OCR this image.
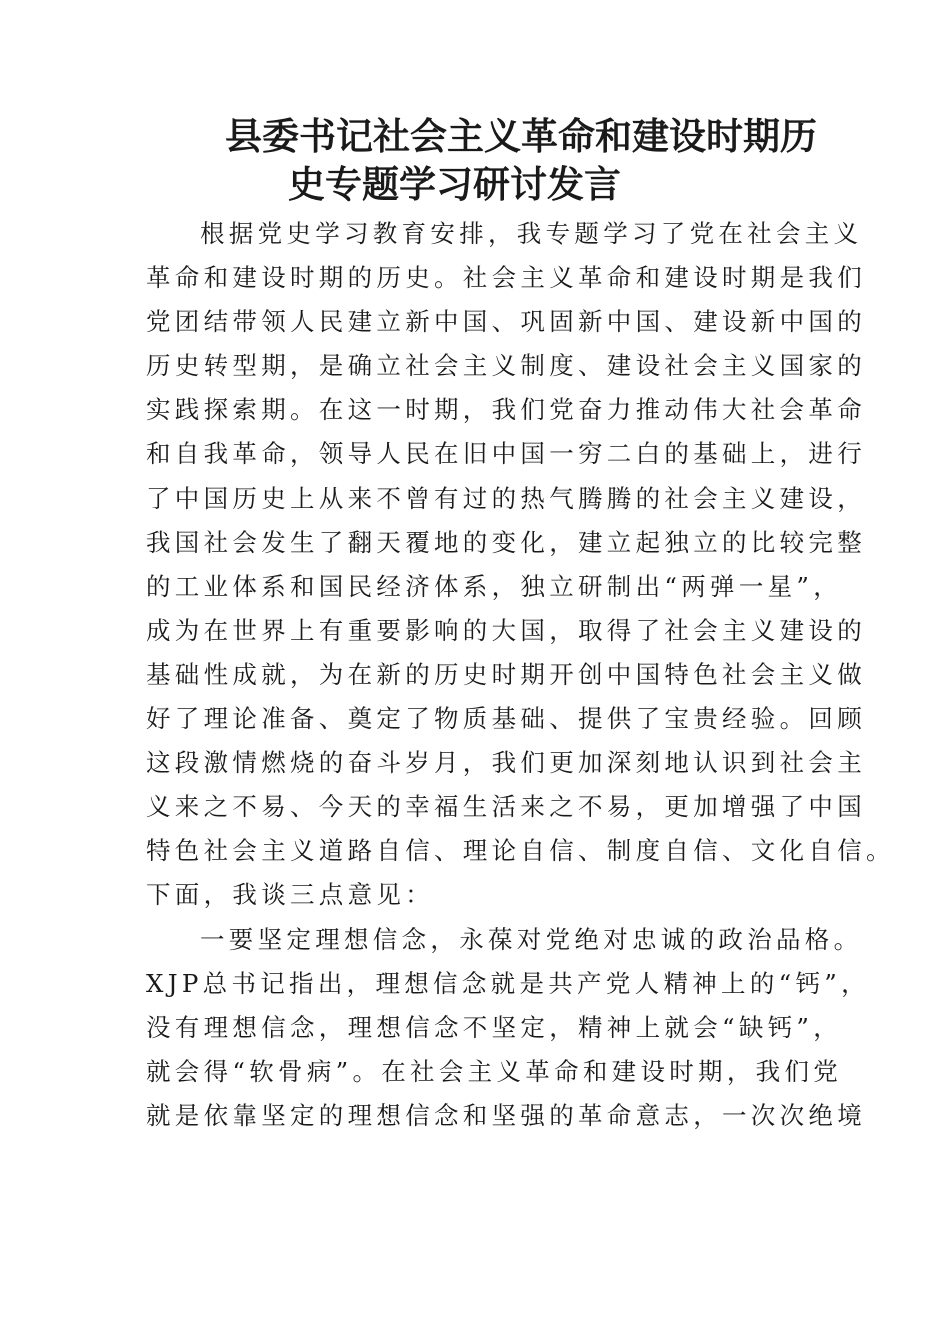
县委书记社会主义革命和建设时期历
史专题学习研讨发言
根据党史学习教育安排，我专题学习了党在社会主义
革命和建设时期的历史。社会主义革命和建设时期是我们
党团结带领人民建立新中国、巩固新中国、建设新中国的
历史转型期，是确立社会主义制度、建设社会主义国家的
实践探索期。在这一时期，我们党奋力推动伟大社会革命
和自我革命，领导人民在旧中国一穷二白的基础上，进行
了中国历史上从来不曾有过的热气腾腾的社会主义建设，
我国社会发生了翻天覆地的变化，建立起独立的比较完整
的工业体系和国民经济体系，独立研制出“两弹一星”，
成为在世界上有重要影响的大国，取得了社会主义建设的
基础性成就，为在新的历史时期开创中国特色社会主义做
好了理论准备、奠定了物质基础、提供了宝贵经验。回顾
这段激情燃烧的奋斗岁月，我们更加深刻地认识到社会主
义来之不易、今天的幸福生活来之不易，更加增强了中国
特色社会主义道路自信、理论自信、制度自信、文化自信。
下面，我谈三点意见：
一要坚定理想信念，永葆对党绝对忠诚的政治品格。
XJP总书记指出，理想信念就是共产党人精神上的“钙”，
没有理想信念，理想信念不坚定，精神上就会“缺钙”，
就会得“软骨病”。在社会主义革命和建设时期，我们党
就是依靠坚定的理想信念和坚强的革命意志，一次次绝境
